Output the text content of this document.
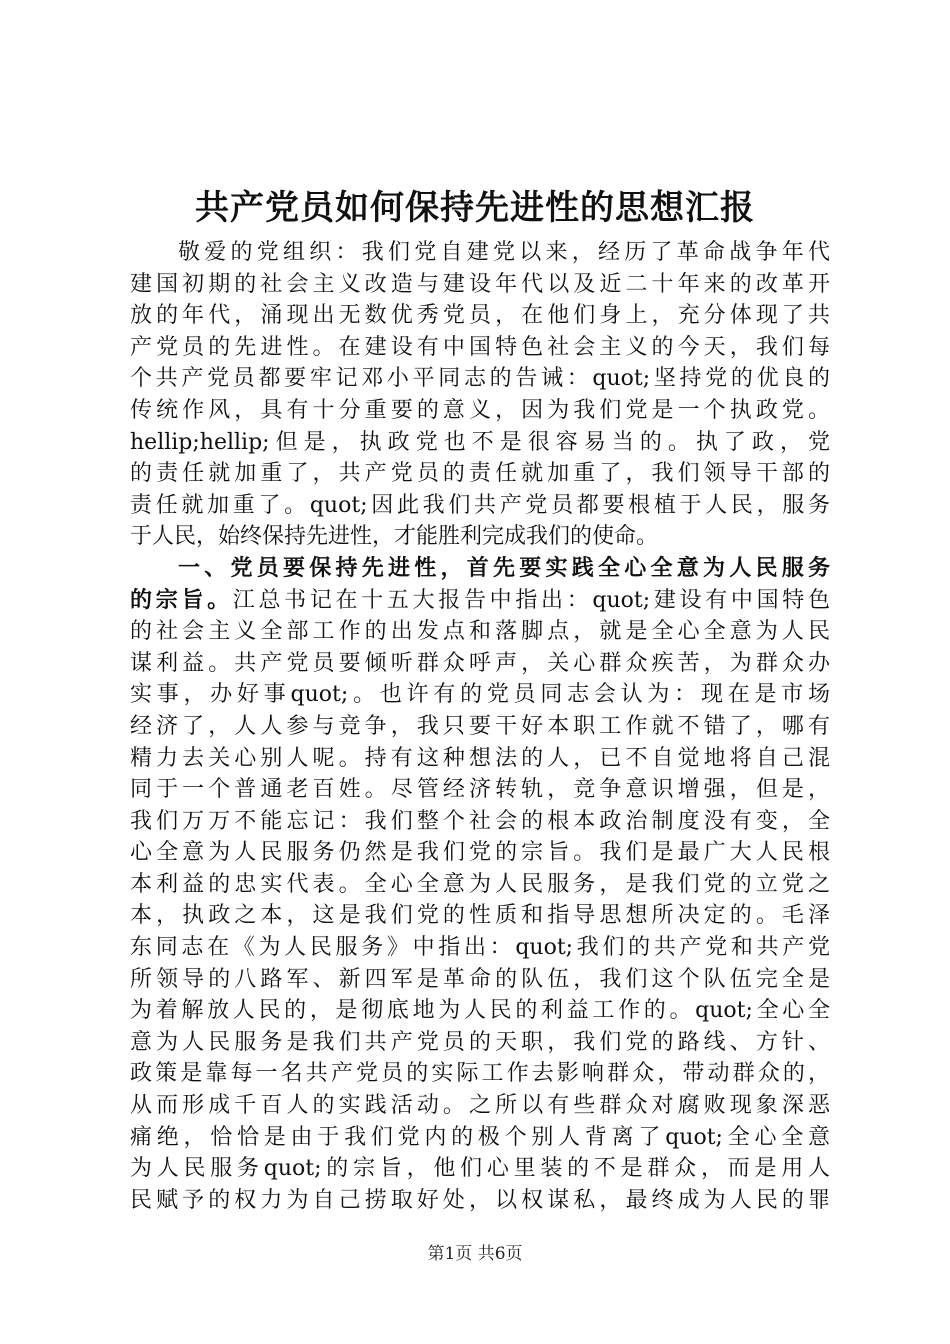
共产党员如何保持先进性的思想汇报
敬爱的党组织：我们党自建党以来，经历了革命战争年代
建国初期的社会主义改造与建设年代以及近二十年来的改革开
放的年代，涌现出无数优秀党员，在他们身上，充分体现了共
产党员的先进性。在建设有中国特色社会主义的今天，我们每
个共产党员都要牢记邓小平同志的告诫：quot;坚持党的优良的
传统作风，具有十分重要的意义，因为我们党是一个执政党。
hellip;hellip;但是，执政党也不是很容易当的。执了政，党
的责任就加重了，共产党员的责任就加重了，我们领导干部的
责任就加重了。quot;因此我们共产党员都要根植于人民，服务
于人民，始终保持先进性，才能胜利完成我们的使命。
一、党员要保持先进性，首先要实践全心全意为人民服务
的宗旨。江总书记在十五大报告中指出：quot;建设有中国特色
的社会主义全部工作的出发点和落脚点，就是全心全意为人民
谋利益。共产党员要倾听群众呼声，关心群众疾苦，为群众办
实事，办好事quot;。也许有的党员同志会认为：现在是市场
经济了，人人参与竞争，我只要干好本职工作就不错了，哪有
精力去关心别人呢。持有这种想法的人，已不自觉地将自己混
同于一个普通老百姓。尽管经济转轨，竞争意识增强，但是，
我们万万不能忘记：我们整个社会的根本政治制度没有变，全
心全意为人民服务仍然是我们党的宗旨。我们是最广大人民根
本利益的忠实代表。全心全意为人民服务，是我们党的立党之
本，执政之本，这是我们党的性质和指导思想所决定的。毛泽
东同志在《为人民服务》中指出：quot;我们的共产党和共产党
所领导的八路军、新四军是革命的队伍，我们这个队伍完全是
为着解放人民的，是彻底地为人民的利益工作的。quot;全心全
意为人民服务是我们共产党员的天职，我们党的路线、方针、
政策是靠每一名共产党员的实际工作去影响群众，带动群众的，
从而形成千百人的实践活动。之所以有些群众对腐败现象深恶
痛绝，恰恰是由于我们党内的极个别人背离了quot;全心全意
为人民服务quot;的宗旨，他们心里装的不是群众，而是用人
民赋予的权力为自己捞取好处，以权谋私，最终成为人民的罪
第1页 共6页
